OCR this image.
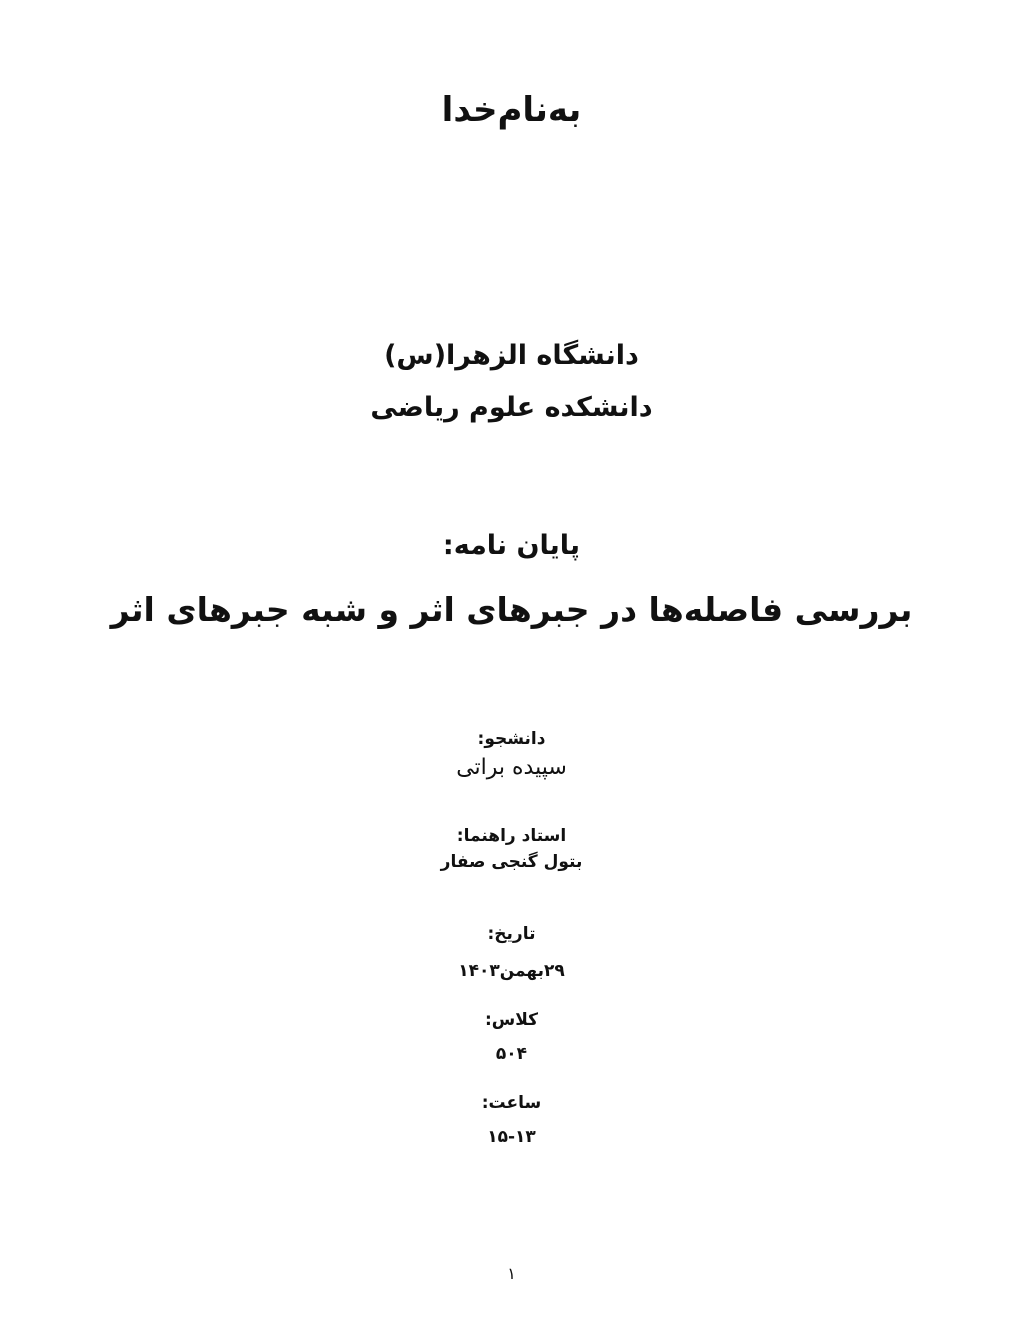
به‌نام‌خدا
دانشگاه الزهرا(س)
دانشکده علوم ریاضی
پایان نامه:
بررسی فاصله‌ها در جبرهای اثر و شبه جبرهای اثر
دانشجو:
سپیده براتی
استاد راهنما:
بتول گنجی صفار
تاریخ:
۲۹بهمن۱۴۰۳
کلاس:
۵۰۴
ساعت:
۱۵-۱۳
۱
